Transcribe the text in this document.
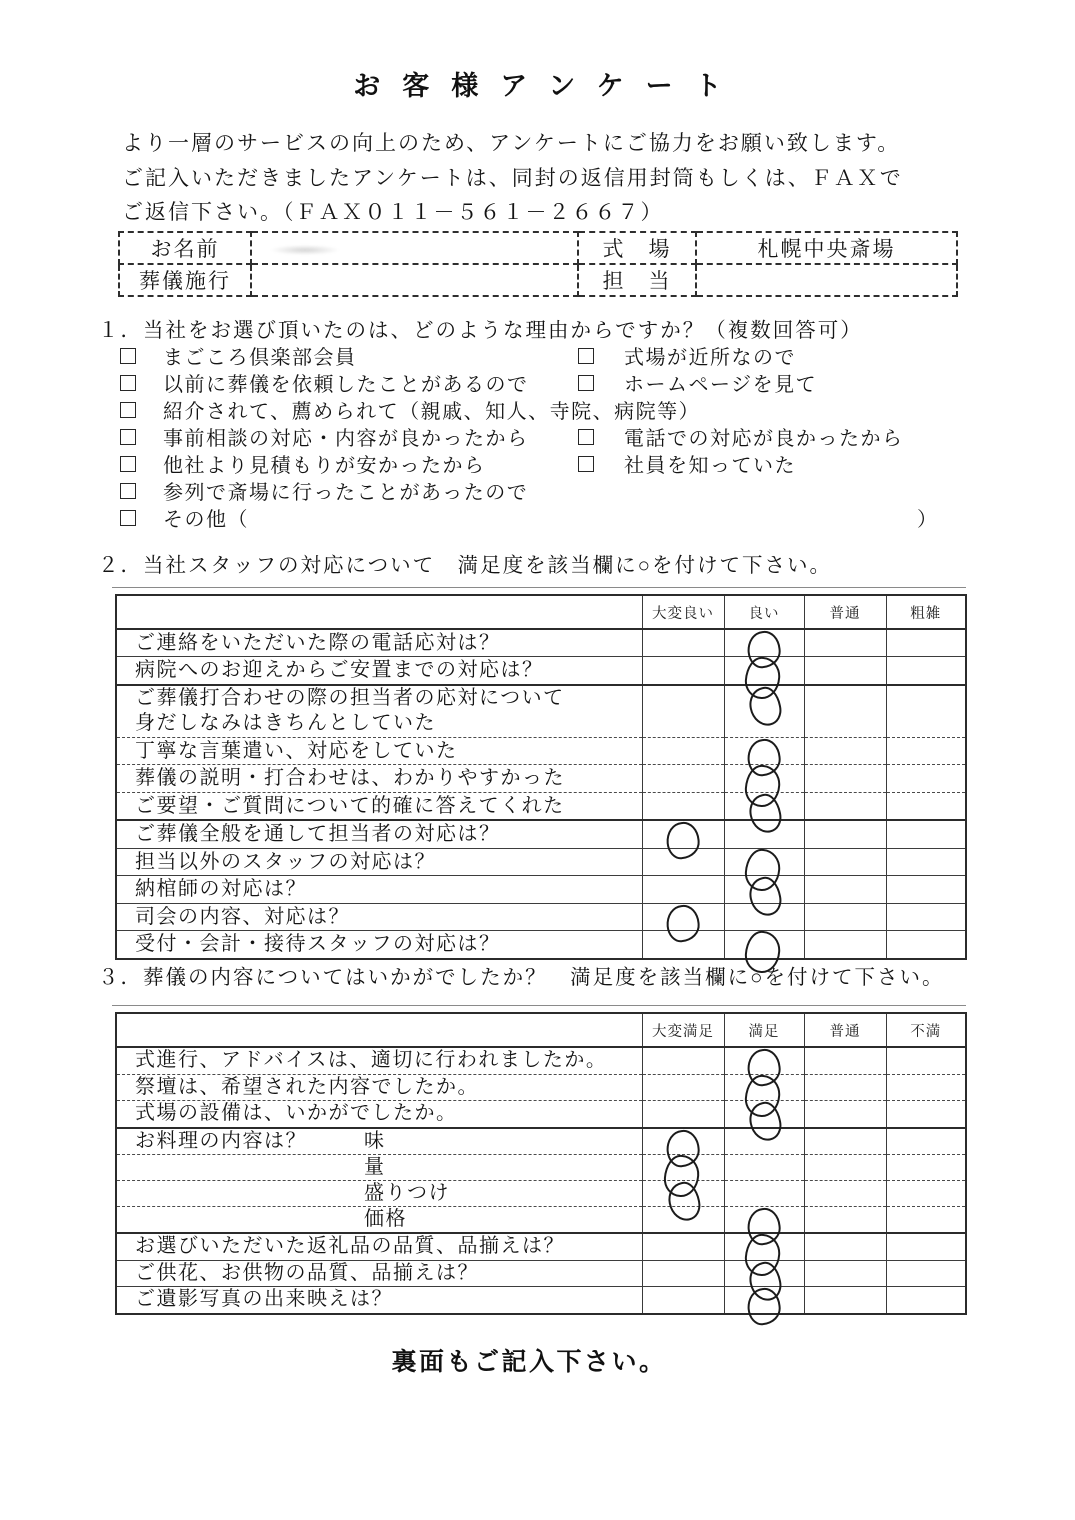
お客様アンケート
より一層のサービスの向上のため、アンケートにご協力をお願い致します。
ご記入いただきましたアンケートは、同封の返信用封筒もしくは、ＦＡＸで
ご返信下さい。（ＦＡＸ０１１－５６１－２６６７）
お名前		式　場	札幌中央斎場
葬儀施行		担　当	
１．当社をお選び頂いたのは、どのような理由からですか？（複数回答可）
まごころ倶楽部会員	式場が近所なので
以前に葬儀を依頼したことがあるので	ホームページを見て
紹介されて、薦められて（親戚、知人、寺院、病院等）
事前相談の対応・内容が良かったから	電話での対応が良かったから
他社より見積もりが安かったから	社員を知っていた
参列で斎場に行ったことがあったので
その他（	）
２．当社スタッフの対応について　満足度を該当欄に○を付けて下さい。
	大変良い	良い	普通	粗雑
ご連絡をいただいた際の電話応対は？		

病院へのお迎えからご安置までの対応は？		

ご葬儀打合わせの際の担当者の応対について
身だしなみはきちんとしていた		

丁寧な言葉遣い、対応をしていた		

葬儀の説明・打合わせは、わかりやすかった		

ご要望・ご質問について的確に答えてくれた		

ご葬儀全般を通して担当者の対応は？	

担当以外のスタッフの対応は？		

納棺師の対応は？		

司会の内容、対応は？	

受付・会計・接待スタッフの対応は？		

３．葬儀の内容についてはいかがでしたか？　満足度を該当欄に○を付けて下さい。
	大変満足	満足	普通	不満
式進行、アドバイスは、適切に行われましたか。		

祭壇は、希望された内容でしたか。		

式場の設備は、いかがでしたか。		

お料理の内容は？ 味				

量				

盛りつけ				

価格				

お選びいただいた返礼品の品質、品揃えは？		

ご供花、お供物の品質、品揃えは？		

ご遺影写真の出来映えは？		

裏面もご記入下さい。
